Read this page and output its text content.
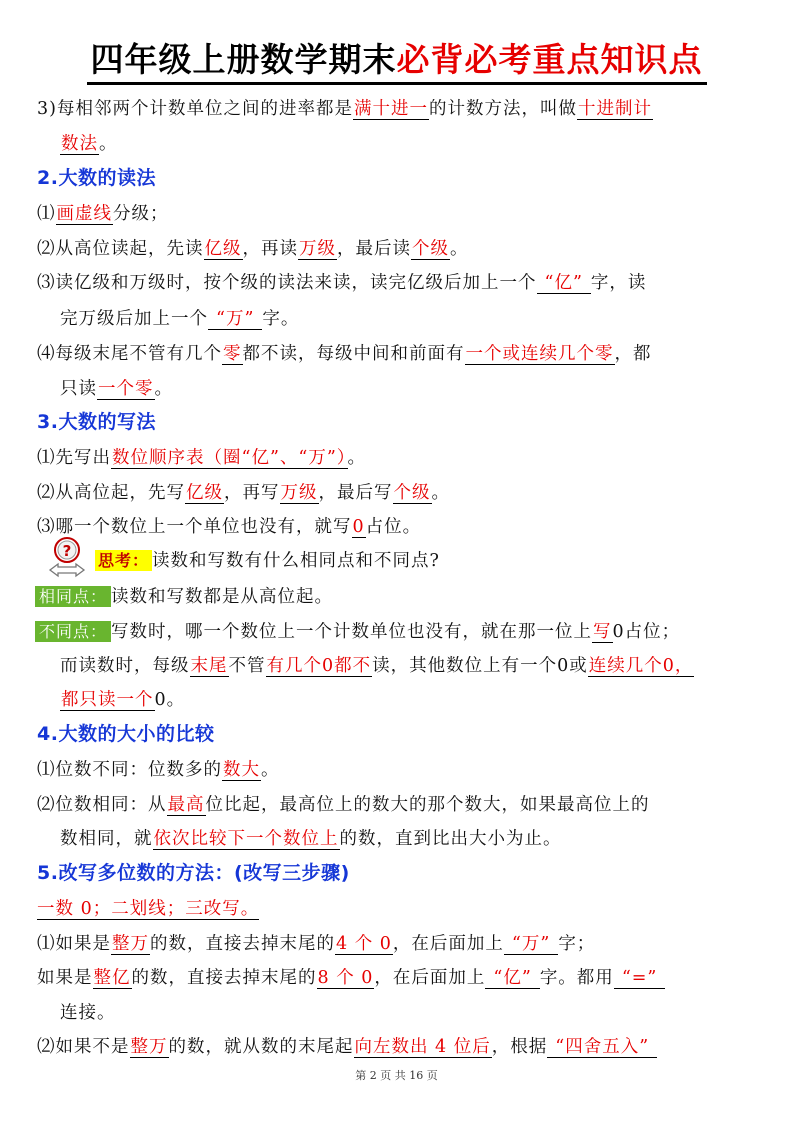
四年级上册数学期末必背必考重点知识点
3)每相邻两个计数单位之间的进率都是满十进一的计数方法，叫做十进制计
数法。
2.大数的读法
⑴画虚线分级；
⑵从高位读起，先读亿级，再读万级，最后读个级。
⑶读亿级和万级时，按个级的读法来读，读完亿级后加上一个 “亿” 字，读
完万级后加上一个 “万” 字。
⑷每级末尾不管有几个零都不读，每级中间和前面有一个或连续几个零，都
只读一个零。
3.大数的写法
⑴先写出数位顺序表（圈“亿”、“万”）。
⑵从高位起，先写亿级，再写万级，最后写个级。
⑶哪一个数位上一个单位也没有，就写0占位。
? 思考： 读数和写数有什么相同点和不同点?
相同点： 读数和写数都是从高位起。
不同点： 写数时，哪一个数位上一个计数单位也没有，就在那一位上写0占位；
而读数时，每级末尾不管有几个0都不读，其他数位上有一个0或连续几个0，
都只读一个0。
4.大数的大小的比较
⑴位数不同：位数多的数大。
⑵位数相同：从最高位比起，最高位上的数大的那个数大，如果最高位上的
数相同，就依次比较下一个数位上的数，直到比出大小为止。
5.改写多位数的方法：(改写三步骤)
一数 0；二划线；三改写。
⑴如果是整万的数，直接去掉末尾的4 个 0，在后面加上 “万” 字；
如果是整亿的数，直接去掉末尾的8 个 0，在后面加上 “亿” 字。都用 “=”
连接。
⑵如果不是整万的数，就从数的末尾起向左数出 4 位后，根据 “四舍五入”
第 2 页 共 16 页
